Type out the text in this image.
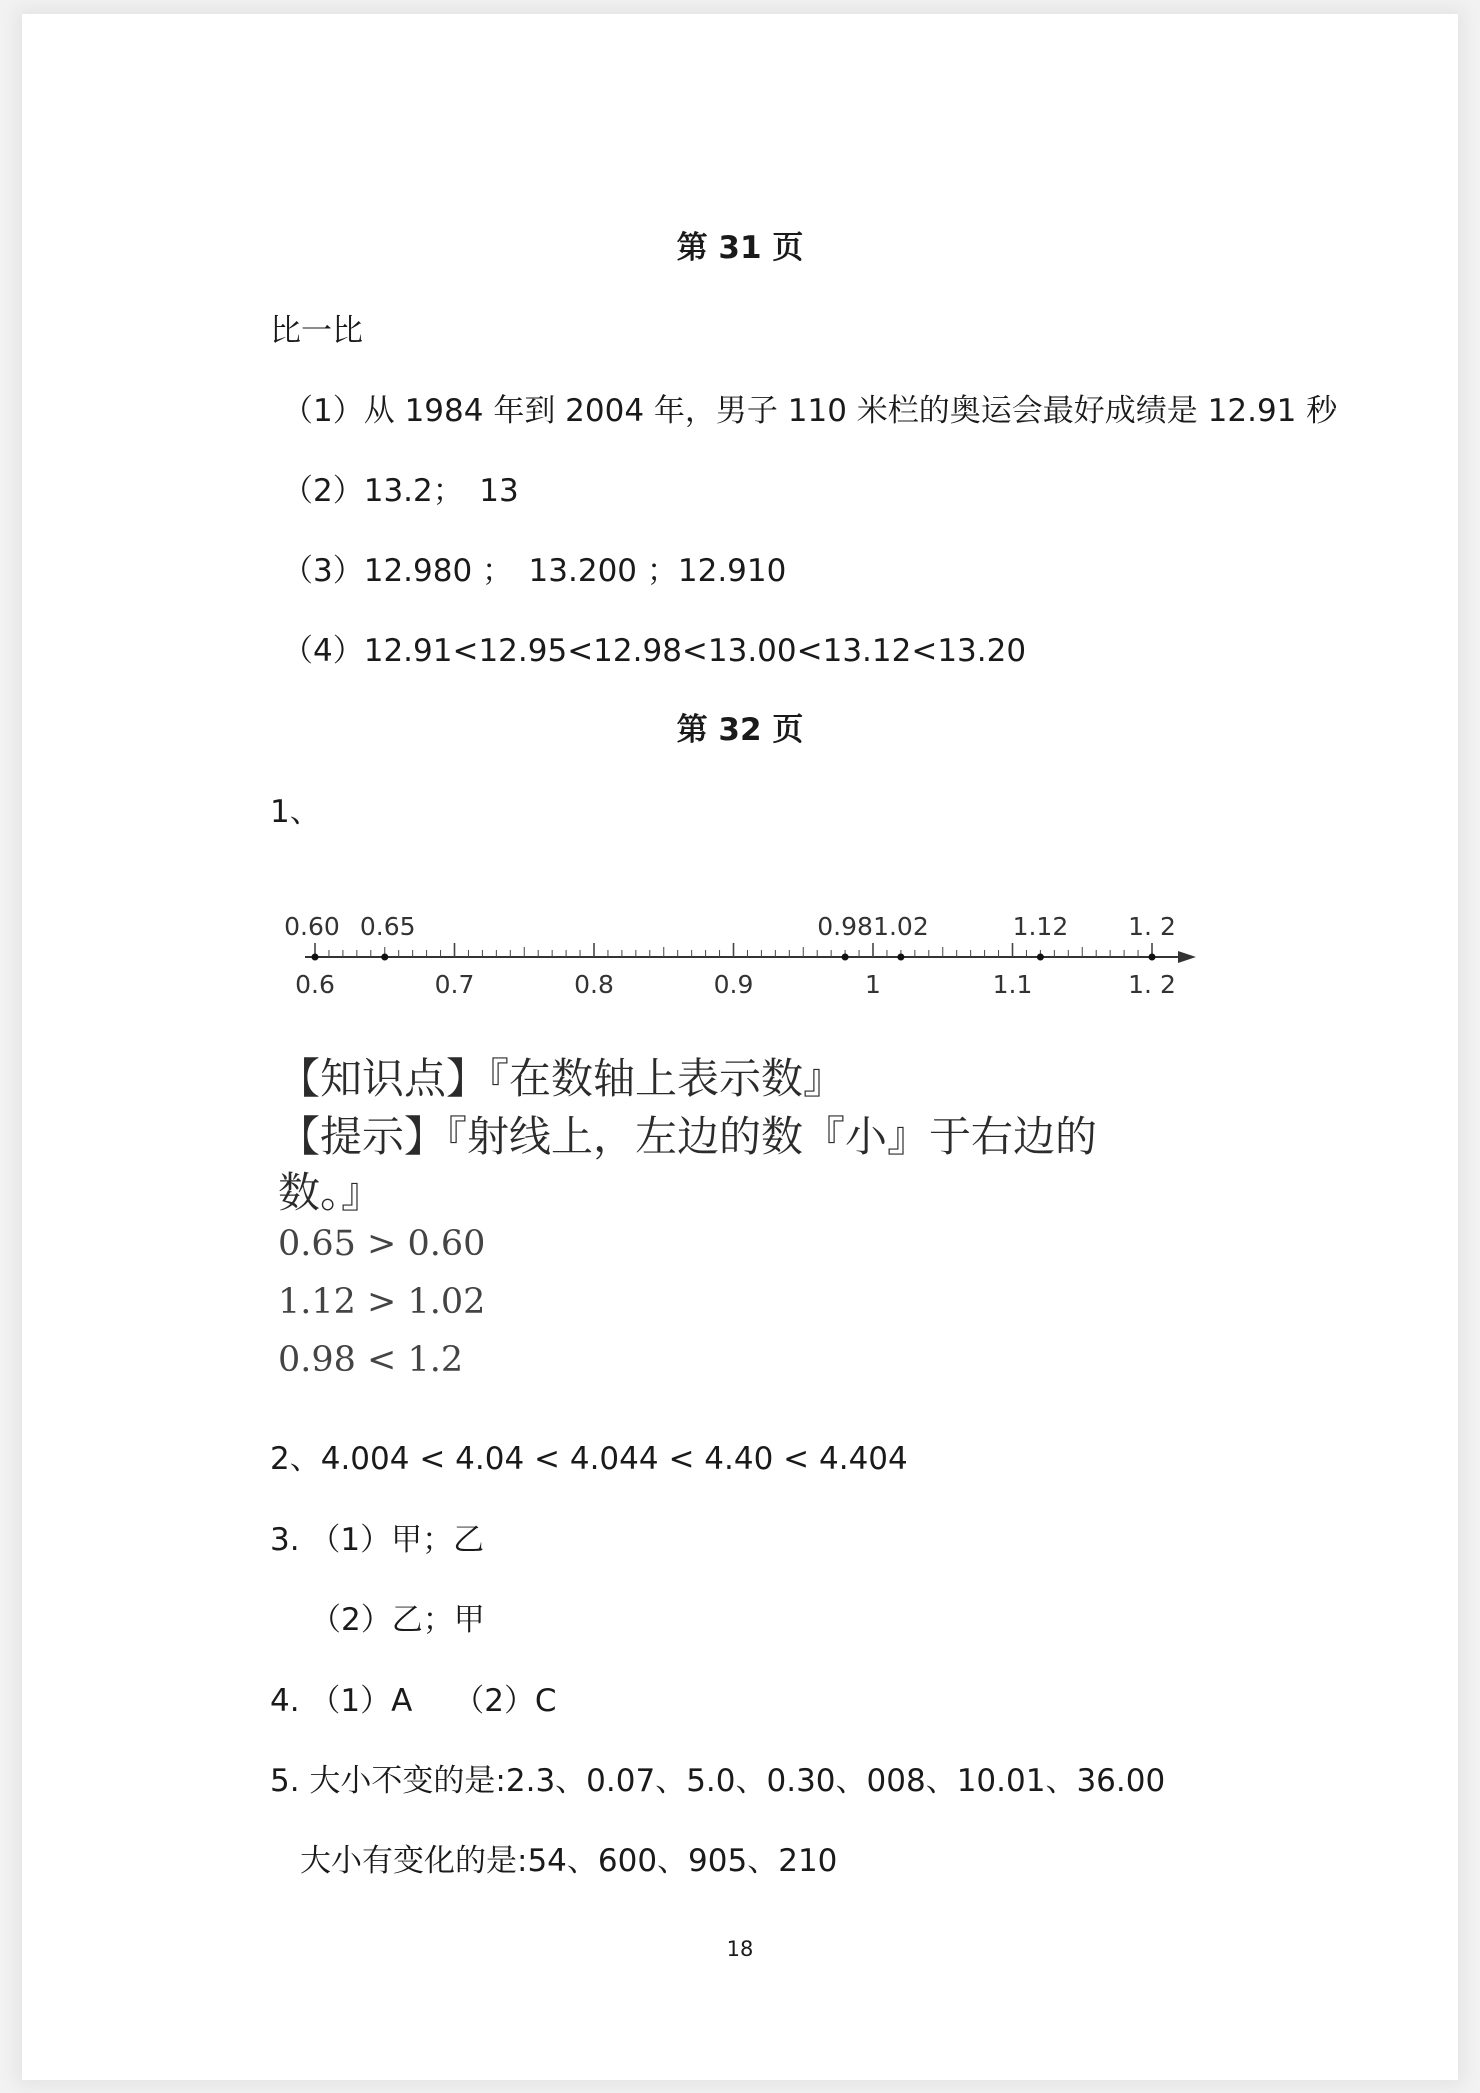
第 31 页
比一比
（1）从 1984 年到 2004 年，男子 110 米栏的奥运会最好成绩是 12.91 秒
（2）13.2；　13
（3）12.980 ；　13.200 ；12.910
（4）12.91<12.95<12.98<13.00<13.12<13.20
第 32 页
1、
0.60 0.65	0.98 1.02	1.12 1. 2
0.6	0.7	0.8	0.9	1	1.1	1. 2
【知识点】『在数轴上表示数』
【提示】『射线上，左边的数『小』于右边的
数。』
0.65 > 0.60
1.12 > 1.02
0.98 < 1.2
2、4.004 < 4.04 < 4.044 < 4.40 < 4.404
3. （1）甲；乙
（2）乙；甲
4. （1）A　 （2）C
5. 大小不变的是:2.3、0.07、5.0、0.30、008、10.01、36.00
大小有变化的是:54、600、905、210
18
